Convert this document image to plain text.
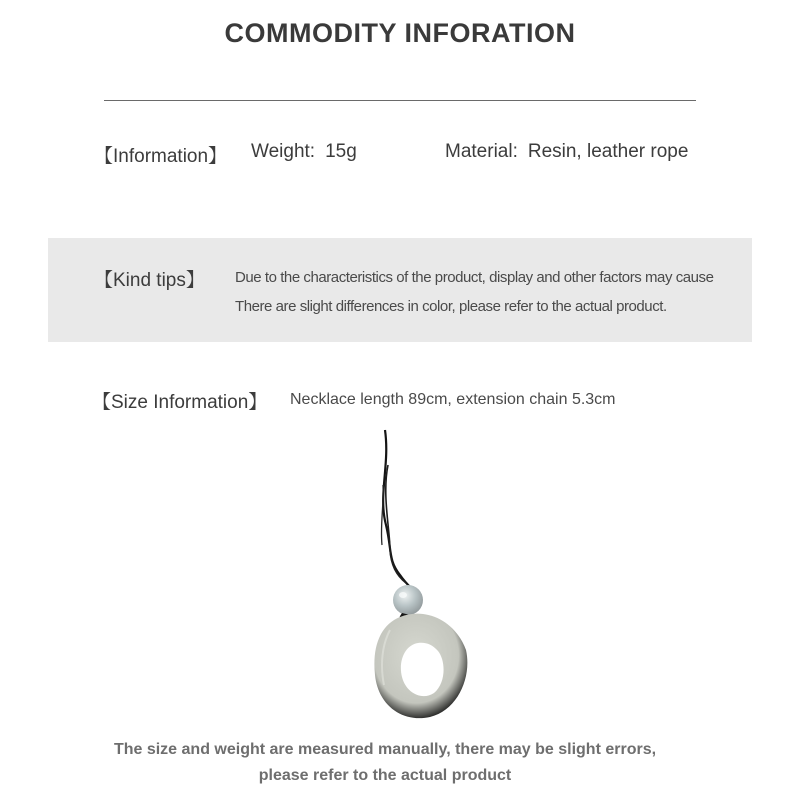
COMMODITY INFORATION
【Information】 Weight: 15g	Material: Resin, leather rope
【Kind tips】 Due to the characteristics of the product, display and other factors may cause
There are slight differences in color, please refer to the actual product.
【Size Information】 Necklace length 89cm, extension chain 5.3cm
The size and weight are measured manually, there may be slight errors,
please refer to the actual product
